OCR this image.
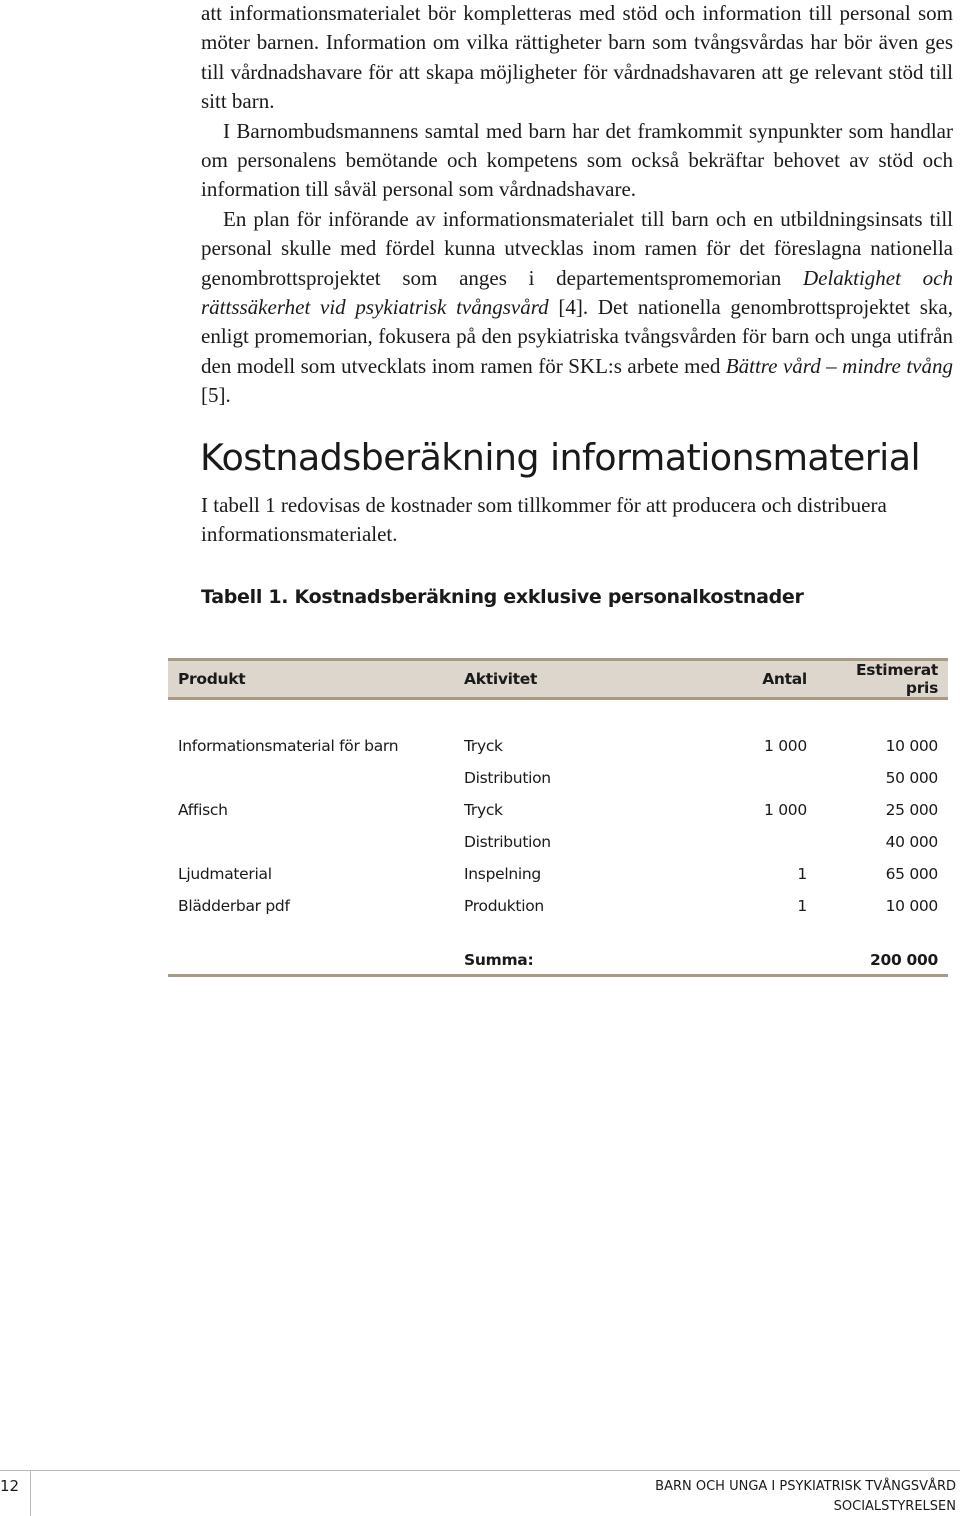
att informationsmaterialet bör kompletteras med stöd och information till personal som möter barnen. Information om vilka rättigheter barn som tvångsvårdas har bör även ges till vårdnadshavare för att skapa möjligheter för vårdnadshavaren att ge relevant stöd till sitt barn.

I Barnombudsmannens samtal med barn har det framkommit synpunkter som handlar om personalens bemötande och kompetens som också bekräftar behovet av stöd och information till såväl personal som vårdnadshavare.

En plan för införande av informationsmaterialet till barn och en utbildningsinsats till personal skulle med fördel kunna utvecklas inom ramen för det föreslagna nationella genombrottsprojektet som anges i departementspromemorian Delaktighet och rättssäkerhet vid psykiatrisk tvångsvård [4]. Det nationella genombrottsprojektet ska, enligt promemorian, fokusera på den psykiatriska tvångsvården för barn och unga utifrån den modell som utvecklats inom ramen för SKL:s arbete med Bättre vård – mindre tvång [5].

Kostnadsberäkning informationsmaterial

I tabell 1 redovisas de kostnader som tillkommer för att producera och distribuera informationsmaterialet.

Tabell 1. Kostnadsberäkning exklusive personalkostnader

Produkt	Aktivitet	Antal	Estimerat pris

Informationsmaterial för barn	Tryck	1 000	10 000
	Distribution		50 000
Affisch	Tryck	1 000	25 000
	Distribution		40 000
Ljudmaterial	Inspelning	1	65 000
Blädderbar pdf	Produktion	1	10 000

	Summa:		200 000
12	BARN OCH UNGA I PSYKIATRISK TVÅNGSVÅRD
SOCIALSTYRELSEN
